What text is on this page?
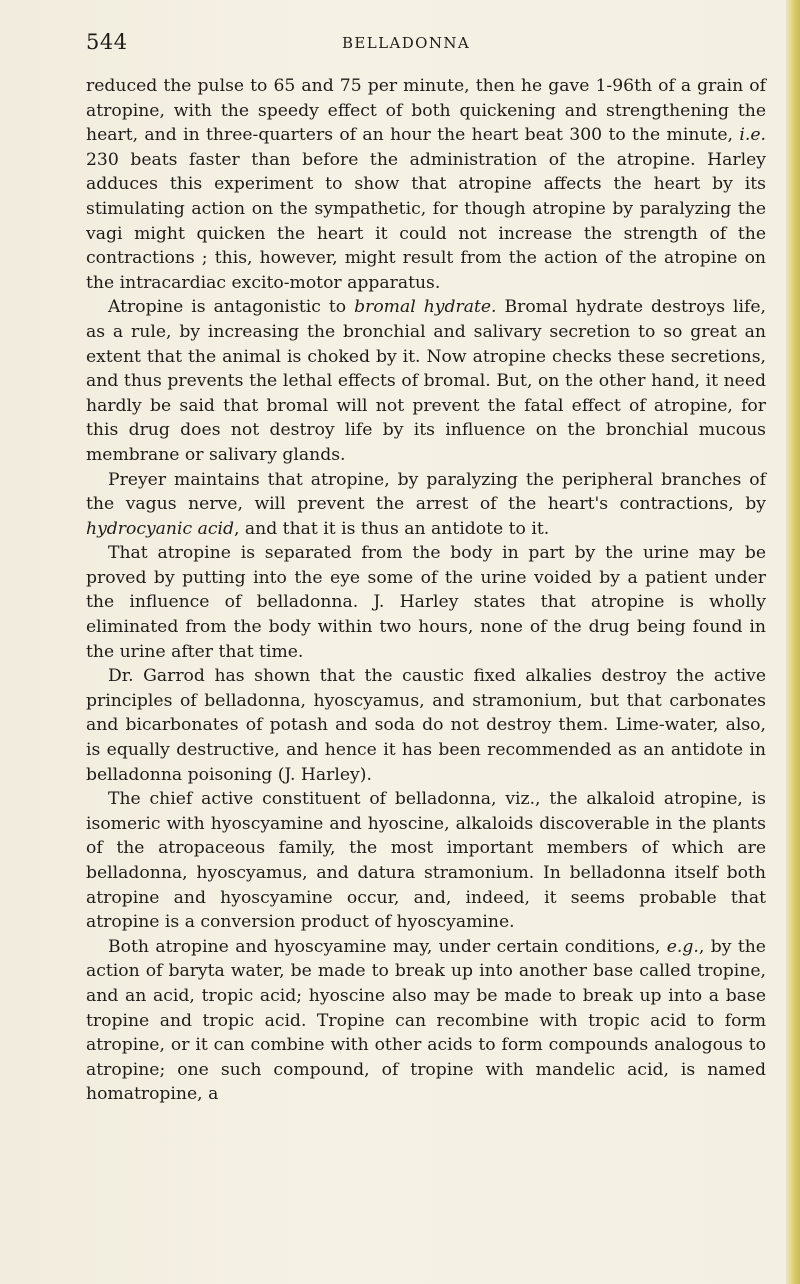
544	BELLADONNA

reduced the pulse to 65 and 75 per minute, then he gave 1-96th of a grain of atropine, with the speedy effect of both quickening and strengthening the heart, and in three-quarters of an hour the heart beat 300 to the minute, i.e. 230 beats faster than before the administration of the atropine. Harley adduces this experiment to show that atropine affects the heart by its stimulating action on the sympathetic, for though atropine by paralyzing the vagi might quicken the heart it could not increase the strength of the contractions ; this, however, might result from the action of the atropine on the intracardiac excito-motor apparatus.

Atropine is antagonistic to bromal hydrate. Bromal hydrate destroys life, as a rule, by increasing the bronchial and salivary secretion to so great an extent that the animal is choked by it. Now atropine checks these secretions, and thus prevents the lethal effects of bromal. But, on the other hand, it need hardly be said that bromal will not prevent the fatal effect of atropine, for this drug does not destroy life by its influence on the bronchial mucous membrane or salivary glands.

Preyer maintains that atropine, by paralyzing the peripheral branches of the vagus nerve, will prevent the arrest of the heart's contractions, by hydrocyanic acid, and that it is thus an antidote to it.

That atropine is separated from the body in part by the urine may be proved by putting into the eye some of the urine voided by a patient under the influence of belladonna. J. Harley states that atropine is wholly eliminated from the body within two hours, none of the drug being found in the urine after that time.

Dr. Garrod has shown that the caustic fixed alkalies destroy the active principles of belladonna, hyoscyamus, and stramonium, but that carbonates and bicarbonates of potash and soda do not destroy them. Lime-water, also, is equally destructive, and hence it has been recommended as an antidote in belladonna poisoning (J. Harley).

The chief active constituent of belladonna, viz., the alkaloid atropine, is isomeric with hyoscyamine and hyoscine, alkaloids discoverable in the plants of the atropaceous family, the most important members of which are belladonna, hyoscyamus, and datura stramonium. In belladonna itself both atropine and hyoscyamine occur, and, indeed, it seems probable that atropine is a conversion product of hyoscyamine.

Both atropine and hyoscyamine may, under certain conditions, e.g., by the action of baryta water, be made to break up into another base called tropine, and an acid, tropic acid; hyoscine also may be made to break up into a base tropine and tropic acid. Tropine can recombine with tropic acid to form atropine, or it can combine with other acids to form compounds analogous to atropine; one such compound, of tropine with mandelic acid, is named homatropine, a
